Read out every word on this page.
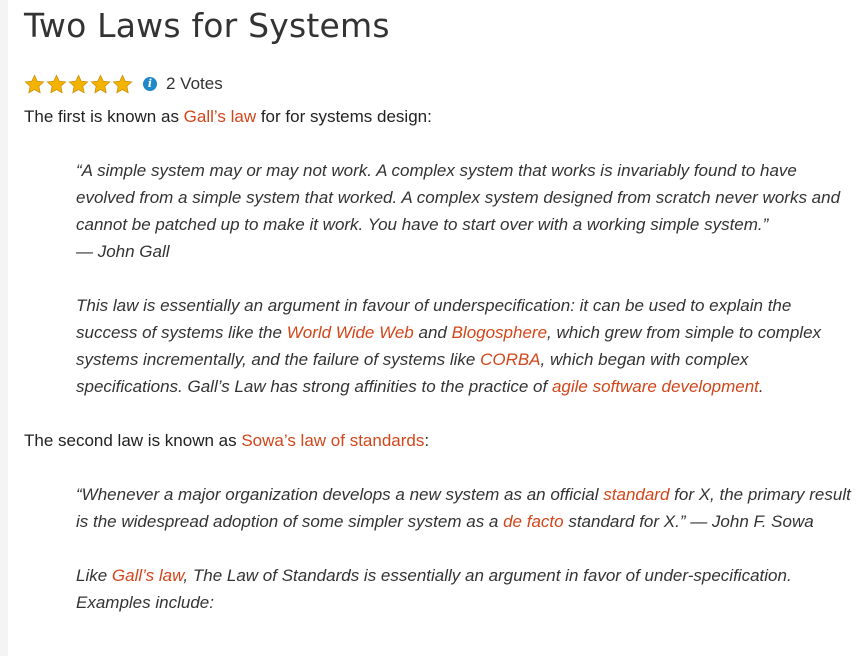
Two Laws for Systems
i 2 Votes

The first is known as Gall’s law for for systems design:

“A simple system may or may not work. A complex system that works is invariably found to have evolved from a simple system that worked. A complex system designed from scratch never works and cannot be patched up to make it work. You have to start over with a working simple system.”
— John Gall

This law is essentially an argument in favour of underspecification: it can be used to explain the success of systems like the World Wide Web and Blogosphere, which grew from simple to complex systems incrementally, and the failure of systems like CORBA, which began with complex specifications. Gall’s Law has strong affinities to the practice of agile software development.

The second law is known as Sowa’s law of standards:

“Whenever a major organization develops a new system as an official standard for X, the primary result is the widespread adoption of some simpler system as a de facto standard for X.” — John F. Sowa

Like Gall’s law, The Law of Standards is essentially an argument in favor of under-specification. Examples include:
